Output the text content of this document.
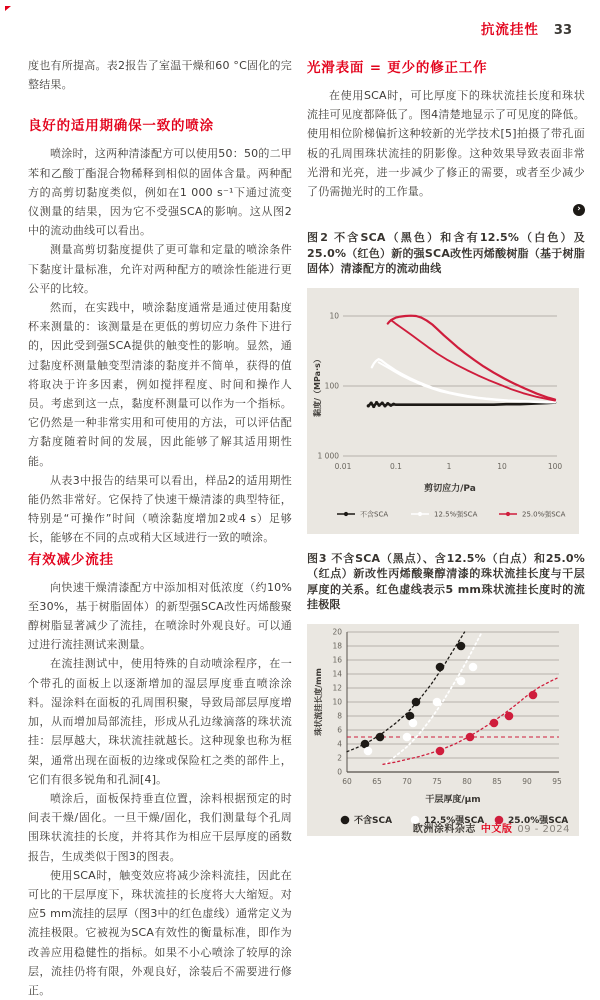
抗流挂性 33

度也有所提高。表2报告了室温干燥和60 °C固化的完整结果。

良好的适用期确保一致的喷涂

喷涂时，这两种清漆配方可以使用50：50的二甲苯和乙酸丁酯混合物稀释到相似的固体含量。两种配方的高剪切黏度类似，例如在1 000 s⁻¹下通过流变仪测量的结果，因为它不受强SCA的影响。这从图2中的流动曲线可以看出。

测量高剪切黏度提供了更可靠和定量的喷涂条件下黏度计量标准，允许对两种配方的喷涂性能进行更公平的比较。

然而，在实践中，喷涂黏度通常是通过使用黏度杯来测量的：该测量是在更低的剪切应力条件下进行的，因此受到强SCA提供的触变性的影响。显然，通过黏度杯测量触变型清漆的黏度并不简单，获得的值将取决于许多因素，例如搅拌程度、时间和操作人员。考虑到这一点，黏度杯测量可以作为一个指标。它仍然是一种非常实用和可使用的方法，可以评估配方黏度随着时间的发展，因此能够了解其适用期性能。

从表3中报告的结果可以看出，样品2的适用期性能仍然非常好。它保持了快速干燥清漆的典型特征，特别是“可操作”时间（喷涂黏度增加2或4 s）足够长，能够在不同的点或稍大区域进行一致的喷涂。

有效减少流挂

向快速干燥清漆配方中添加相对低浓度（约10%至30%，基于树脂固体）的新型强SCA改性丙烯酸聚醇树脂显著减少了流挂，在喷涂时外观良好。可以通过进行流挂测试来测量。

在流挂测试中，使用特殊的自动喷涂程序，在一个带孔的面板上以逐渐增加的湿层厚度垂直喷涂涂料。湿涂料在面板的孔周围积聚，导致局部层厚度增加，从而增加局部流挂，形成从孔边缘滴落的珠状流挂：层厚越大，珠状流挂就越长。这种现象也称为框架，通常出现在面板的边缘或保险杠之类的部件上，它们有很多锐角和孔洞[4]。

喷涂后，面板保持垂直位置，涂料根据预定的时间表干燥/固化。一旦干燥/固化，我们测量每个孔周围珠状流挂的长度，并将其作为相应干层厚度的函数报告，生成类似于图3的图表。

使用SCA时，触变效应将减少涂料流挂，因此在可比的干层厚度下，珠状流挂的长度将大大缩短。对应5 mm流挂的层厚（图3中的红色虚线）通常定义为流挂极限。它被视为SCA有效性的衡量标准，即作为改善应用稳健性的指标。如果不小心喷涂了较厚的涂层，流挂仍将有限，外观良好，涂装后不需要进行修正。

光滑表面 = 更少的修正工作

在使用SCA时，可比厚度下的珠状流挂长度和珠状流挂可见度都降低了。图4清楚地显示了可见度的降低。使用相位阶梯偏折这种较新的光学技术[5]拍摄了带孔面板的孔周围珠状流挂的阴影像。这种效果导致表面非常光滑和光亮，进一步减少了修正的需要，或者至少减少了仍需抛光时的工作量。

›

图2 不含SCA（黑色）和含有12.5%（白色）及25.0%（红色）新的强SCA改性丙烯酸树脂（基于树脂固体）清漆配方的流动曲线

1 000
100
10
0.01	0.1	1	10	100
剪切应力/Pa
黏度/（MPa·s）
不含SCA	12.5%强SCA	25.0%强SCA

图3 不含SCA（黑点）、含12.5%（白点）和25.0%（红点）新改性丙烯酸聚醇清漆的珠状流挂长度与干层厚度的关系。红色虚线表示5 mm珠状流挂长度时的流挂极限

0
2
4
6
8
10
12
14
16
18
20
60	65	70	75	80	85	90	95
干层厚度/μm
珠状流挂长度/mm
不含SCA	12.5%强SCA	25.0%强SCA
欧洲涂料杂志 中文版 09 - 2024
